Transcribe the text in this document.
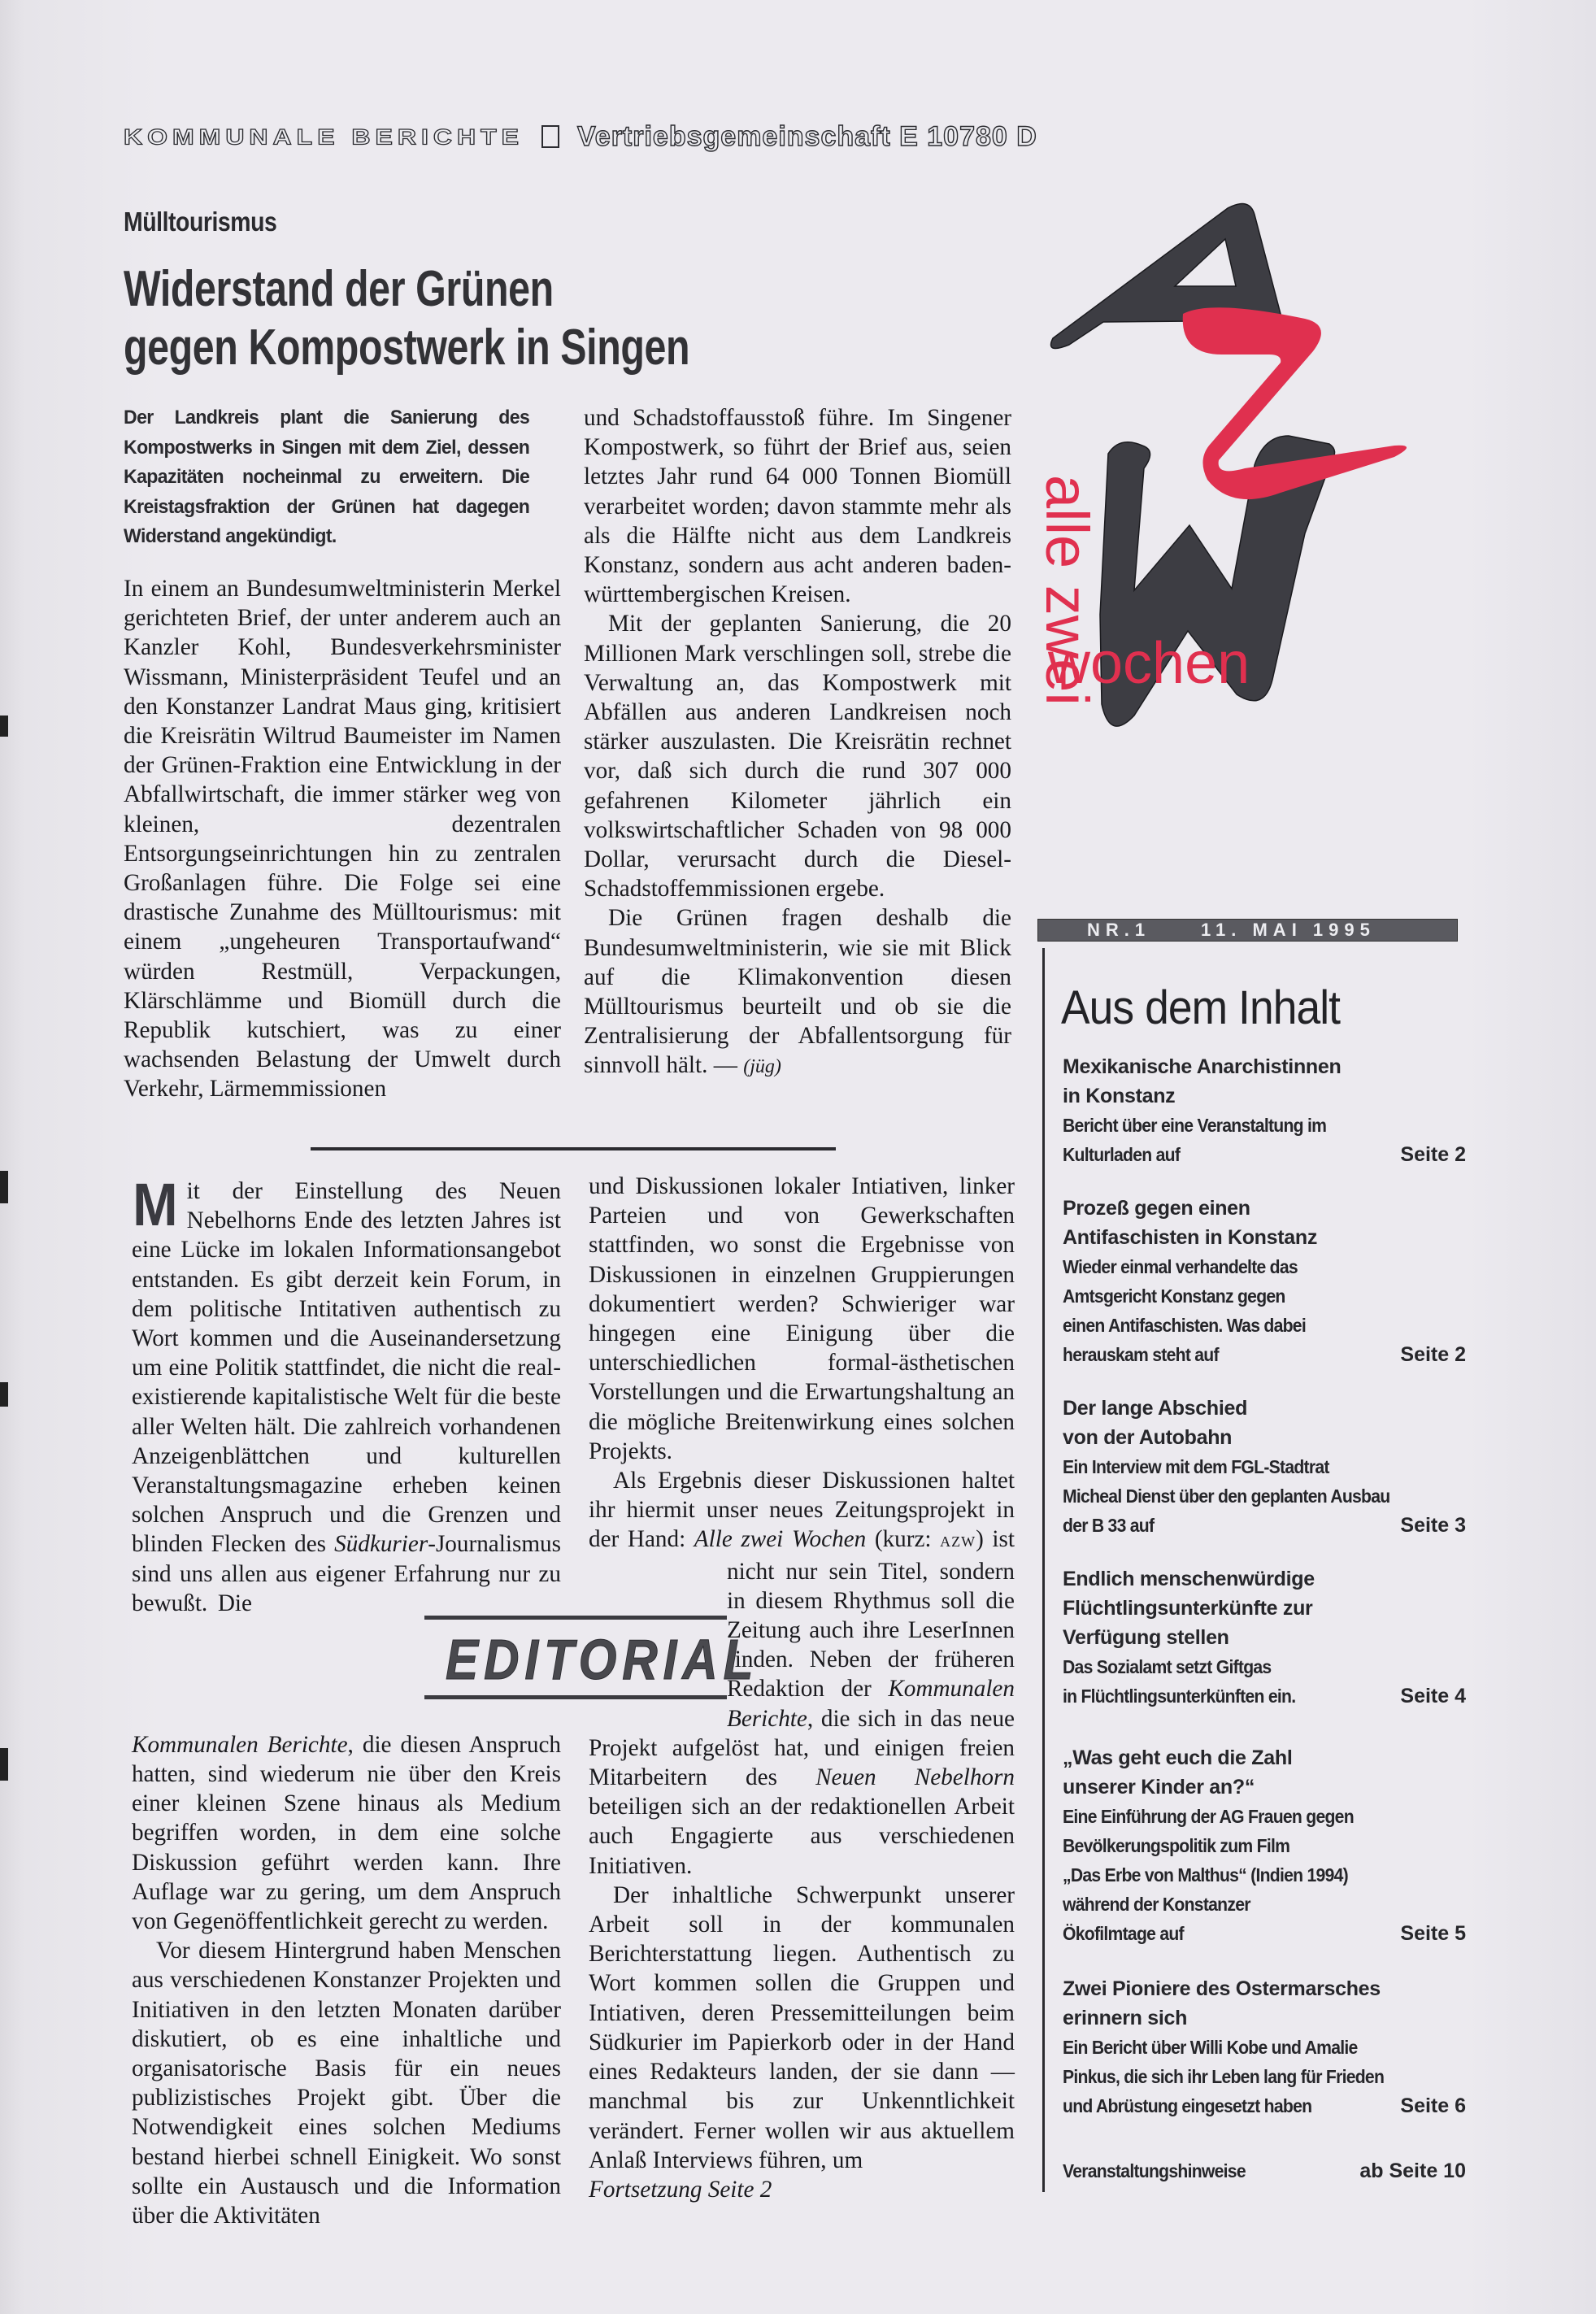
KOMMUNALE BERICHTE Vertriebsgemeinschaft E 10780 D
Mülltourismus
Widerstand der Grünen
gegen Kompostwerk in Singen
Der Landkreis plant die Sanierung des Kompostwerks in Singen mit dem Ziel, dessen Kapazitäten nocheinmal zu erweitern. Die Kreistagsfraktion der Grünen hat dagegen Widerstand angekündigt.

In einem an Bundesumweltministerin Merkel gerichteten Brief, der unter anderem auch an Kanzler Kohl, Bundesverkehrsminister Wissmann, Ministerpräsident Teufel und an den Konstanzer Landrat Maus ging, kritisiert die Kreisrätin Wiltrud Baumeister im Namen der Grünen-Fraktion eine Entwicklung in der Abfallwirtschaft, die immer stärker weg von kleinen, dezentralen Entsorgungseinrichtungen hin zu zentralen Großanlagen führe. Die Folge sei eine drastische Zunahme des Mülltourismus: mit einem „ungeheuren Transportaufwand“ würden Restmüll, Verpackungen, Klärschlämme und Biomüll durch die Republik kutschiert, was zu einer wachsenden Belastung der Umwelt durch Verkehr, Lärmemmissionen

und Schadstoffausstoß führe. Im Singener Kompostwerk, so führt der Brief aus, seien letztes Jahr rund 64 000 Tonnen Biomüll verarbeitet worden; davon stammte mehr als als die Hälfte nicht aus dem Landkreis Konstanz, sondern aus acht anderen baden-württembergischen Kreisen.

Mit der geplanten Sanierung, die 20 Millionen Mark verschlingen soll, strebe die Verwaltung an, das Kompostwerk mit Abfällen aus anderen Landkreisen noch stärker auszulasten. Die Kreisrätin rechnet vor, daß sich durch die rund 307 000 gefahrenen Kilometer jährlich ein volkswirtschaftlicher Schaden von 98 000 Dollar, verursacht durch die Diesel-Schadstoffemmissionen ergebe.

Die Grünen fragen deshalb die Bundesumweltministerin, wie sie mit Blick auf die Klimakonvention diesen Mülltourismus beurteilt und ob sie die Zentralisierung der Abfallentsorgung für sinnvoll hält. — (jüg)

Mit der Einstellung des Neuen Nebelhorns Ende des letzten Jahres ist eine Lücke im lokalen Informationsangebot entstanden. Es gibt derzeit kein Forum, in dem politische Intitativen authentisch zu Wort kommen und die Auseinandersetzung um eine Politik stattfindet, die nicht die real-existierende kapitalistische Welt für die beste aller Welten hält. Die zahlreich vorhandenen Anzeigenblättchen und kulturellen Veranstaltungsmagazine erheben keinen solchen Anspruch und die Grenzen und blinden Flecken des Südkurier-Journalismus sind uns allen aus eigener Erfahrung nur zu bewußt. Die
Kommunalen Berichte, die diesen Anspruch hatten, sind wiederum nie über den Kreis einer kleinen Szene hinaus als Medium begriffen worden, in dem eine solche Diskussion geführt werden kann. Ihre Auflage war zu gering, um dem Anspruch von Gegenöffentlichkeit gerecht zu werden.

Vor diesem Hintergrund haben Menschen aus verschiedenen Konstanzer Projekten und Initiativen in den letzten Monaten darüber diskutiert, ob es eine inhaltliche und organisatorische Basis für ein neues publizistisches Projekt gibt. Über die Notwendigkeit eines solchen Mediums bestand hierbei schnell Einigkeit. Wo sonst sollte ein Austausch und die Information über die Aktivitäten

und Diskussionen lokaler Intiativen, linker Parteien und von Gewerkschaften stattfinden, wo sonst die Ergebnisse von Diskussionen in einzelnen Gruppierungen dokumentiert werden? Schwieriger war hingegen eine Einigung über die unterschiedlichen formal-ästhetischen Vorstellungen und die Erwartungshaltung an die mögliche Breitenwirkung eines solchen Projekts.

Als Ergebnis dieser Diskussionen haltet ihr hiermit unser neues Zeitungsprojekt in der Hand: Alle zwei Wochen (kurz: AZW
) ist nicht nur sein Titel, sondern in diesem Rhythmus soll die Zeitung auch ihre LeserInnen finden. Neben der früheren Redaktion der Kommunalen Berichte, die sich in das neue Projekt aufgelöst hat, und einigen freien Mitarbeitern des Neuen Nebelhorn beteiligen sich an der redaktionellen Arbeit auch Engagierte aus verschiedenen Initiativen.

Der inhaltliche Schwerpunkt unserer Arbeit soll in der kommunalen Berichterstattung liegen. Authentisch zu Wort kommen sollen die Gruppen und Intiativen, deren Pressemitteilungen beim Südkurier im Papierkorb oder in der Hand eines Redakteurs landen, der sie dann — manchmal bis zur Unkenntlichkeit verändert. Ferner wollen wir aus aktuellem Anlaß Interviews führen, um

Fortsetzung Seite 2

EDITORIAL
alle zwei
wochen
NR.1	11. MAI 1995
Aus dem Inhalt
Mexikanische Anarchistinnen
in Konstanz
Bericht über eine Veranstaltung im
Kulturladen auf	Seite 2
Prozeß gegen einen
Antifaschisten in Konstanz
Wieder einmal verhandelte das
Amtsgericht Konstanz gegen
einen Antifaschisten. Was dabei
herauskam steht auf	Seite 2
Der lange Abschied
von der Autobahn
Ein Interview mit dem FGL-Stadtrat
Micheal Dienst über den geplanten Ausbau
der B 33 auf	Seite 3
Endlich menschenwürdige
Flüchtlingsunterkünfte zur
Verfügung stellen
Das Sozialamt setzt Giftgas
in Flüchtlingsunterkünften ein.	Seite 4
„Was geht euch die Zahl
unserer Kinder an?“
Eine Einführung der AG Frauen gegen
Bevölkerungspolitik zum Film
„Das Erbe von Malthus“ (Indien 1994)
während der Konstanzer
Ökofilmtage auf	Seite 5
Zwei Pioniere des Ostermarsches
erinnern sich
Ein Bericht über Willi Kobe und Amalie
Pinkus, die sich ihr Leben lang für Frieden
und Abrüstung eingesetzt haben	Seite 6
Veranstaltungshinweise	ab Seite 10
